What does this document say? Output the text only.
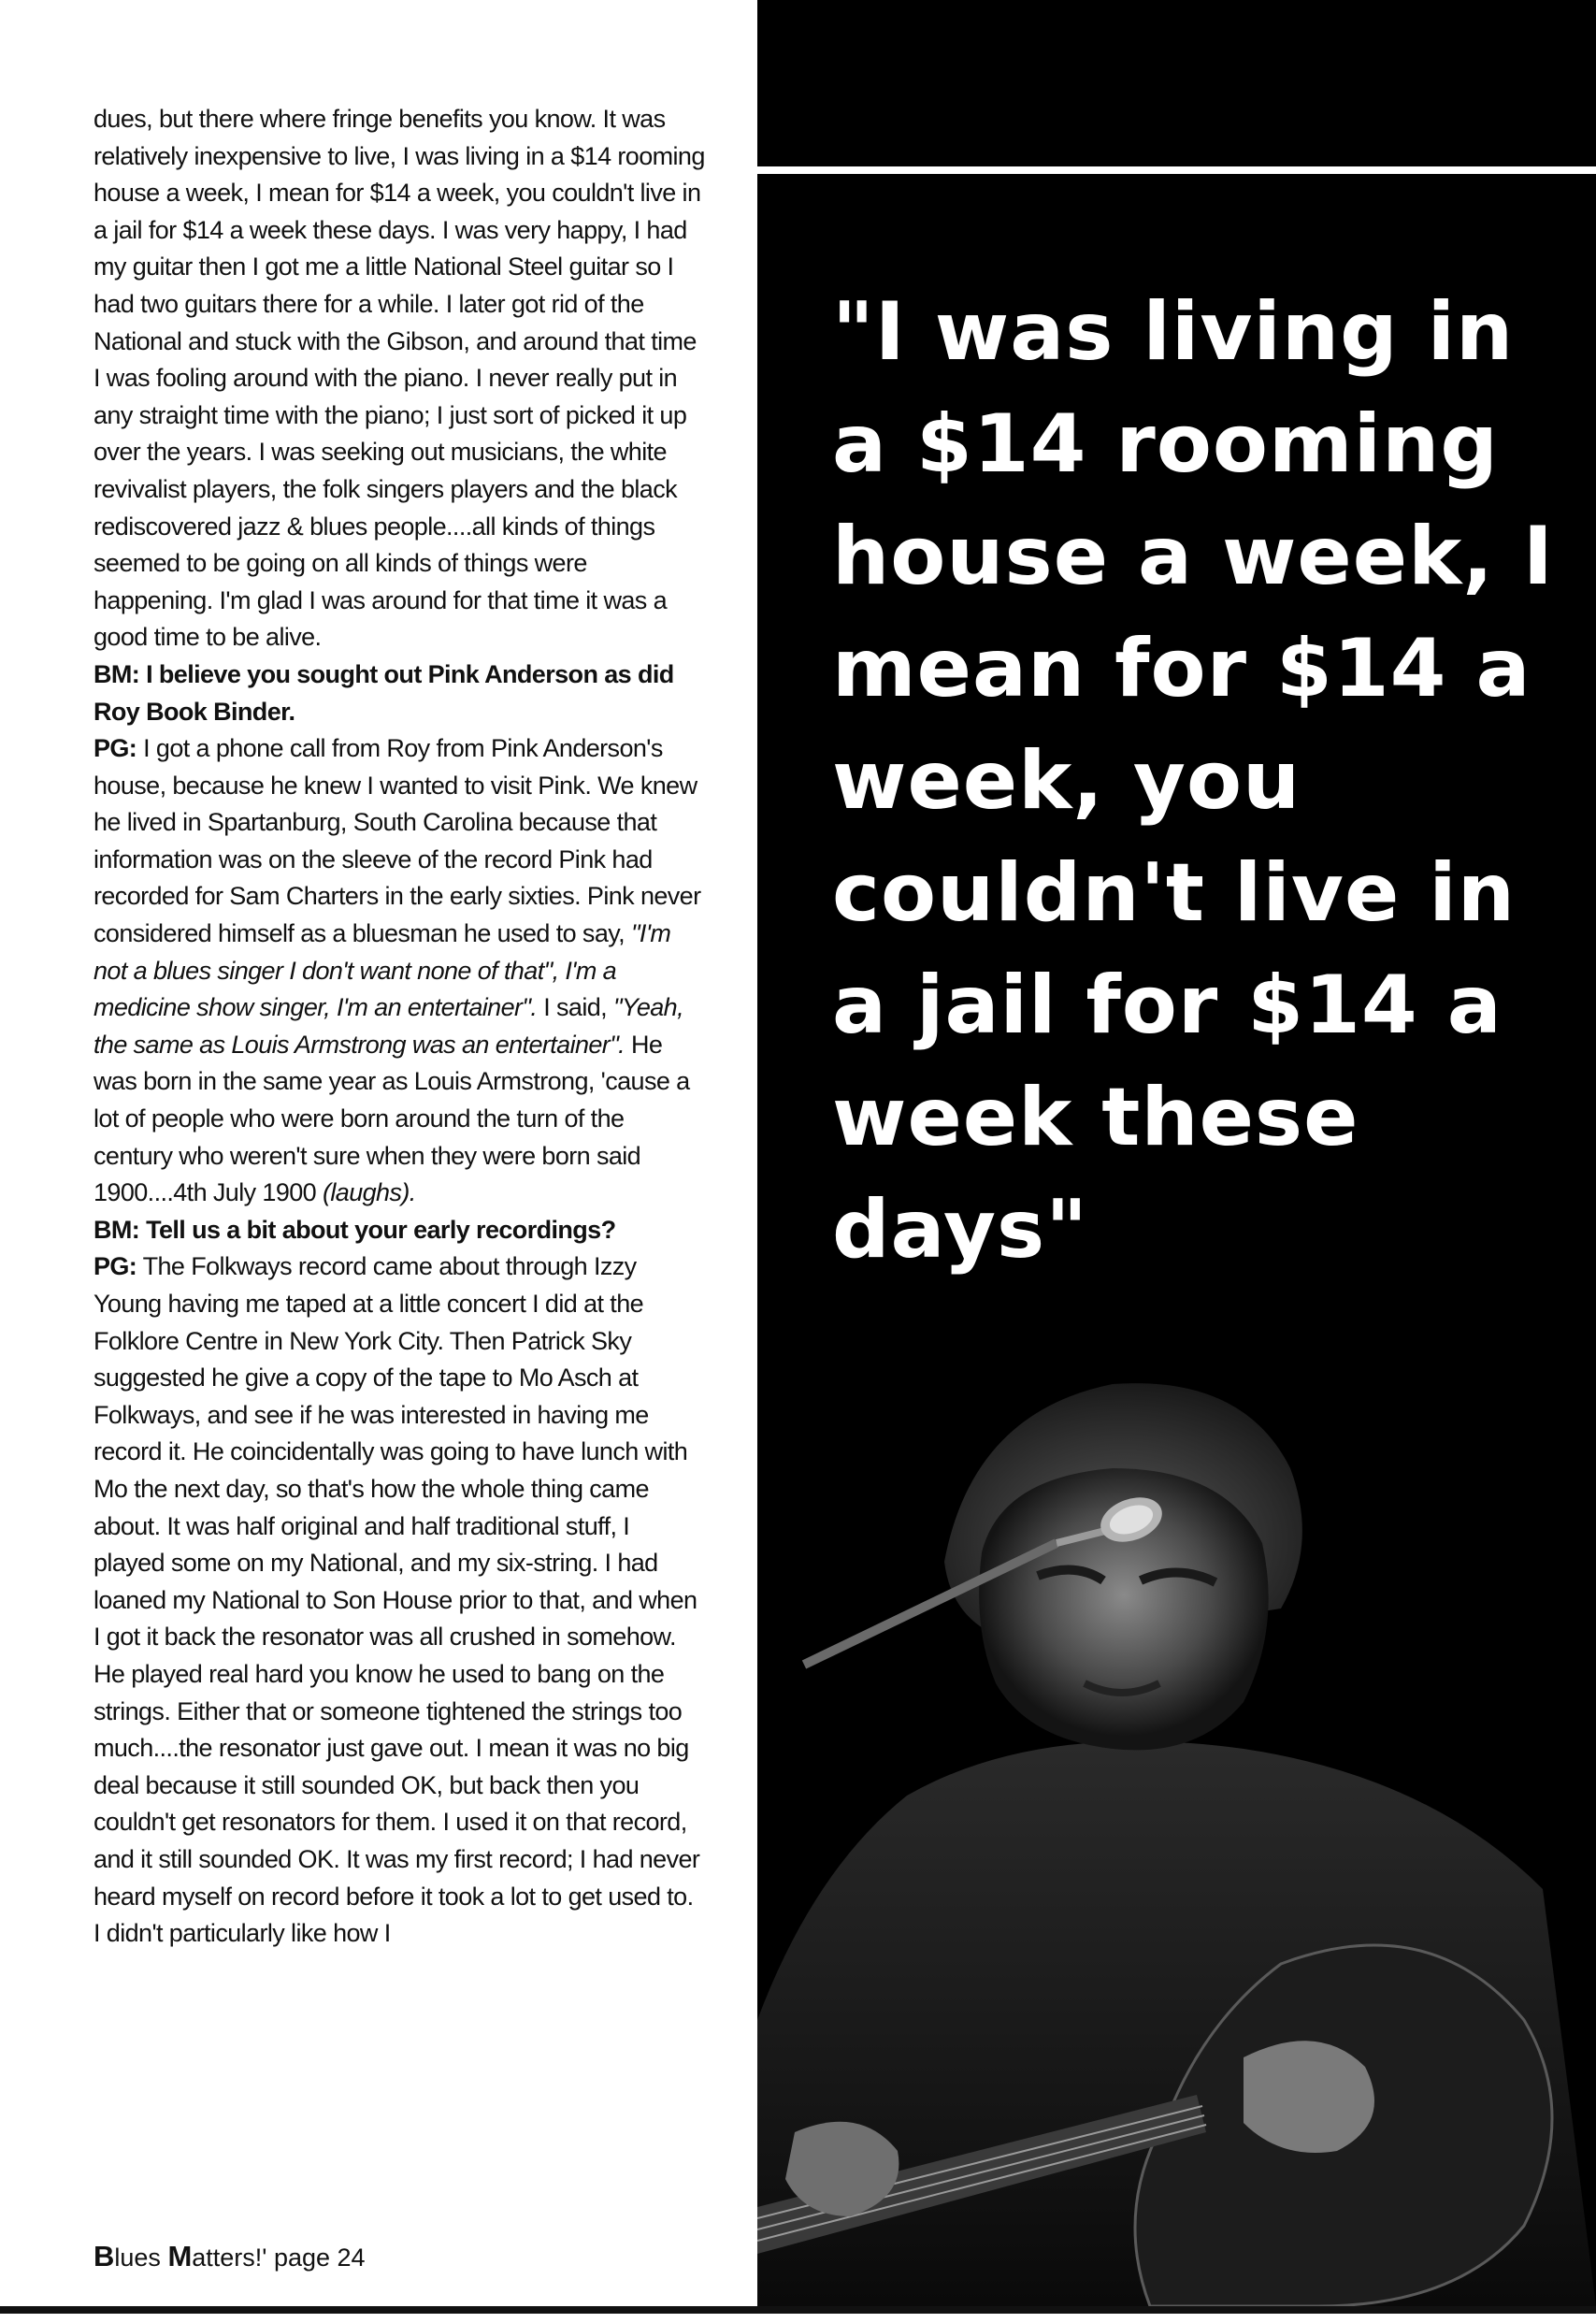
dues, but there where fringe benefits you know. It was relatively inexpensive to live, I was living in a $14 rooming house a week, I mean for $14 a week, you couldn't live in a jail for $14 a week these days. I was very happy, I had my guitar then I got me a little National Steel guitar so I had two guitars there for a while. I later got rid of the National and stuck with the Gibson, and around that time I was fooling around with the piano. I never really put in any straight time with the piano; I just sort of picked it up over the years. I was seeking out musicians, the white revivalist players, the folk singers players and the black rediscovered jazz & blues people....all kinds of things seemed to be going on all kinds of things were happening. I'm glad I was around for that time it was a good time to be alive.

BM: I believe you sought out Pink Anderson as did Roy Book Binder.

PG: I got a phone call from Roy from Pink Anderson's house, because he knew I wanted to visit Pink. We knew he lived in Spartanburg, South Carolina because that information was on the sleeve of the record Pink had recorded for Sam Charters in the early sixties. Pink never considered himself as a bluesman he used to say, "I'm not a blues singer I don't want none of that", I'm a medicine show singer, I'm an entertainer". I said, "Yeah, the same as Louis Armstrong was an entertainer". He was born in the same year as Louis Armstrong, 'cause a lot of people who were born around the turn of the century who weren't sure when they were born said 1900....4th July 1900 (laughs).

BM: Tell us a bit about your early recordings?

PG: The Folkways record came about through Izzy Young having me taped at a little concert I did at the Folklore Centre in New York City. Then Patrick Sky suggested he give a copy of the tape to Mo Asch at Folkways, and see if he was interested in having me record it. He coincidentally was going to have lunch with Mo the next day, so that's how the whole thing came about. It was half original and half traditional stuff, I played some on my National, and my six-string. I had loaned my National to Son House prior to that, and when I got it back the resonator was all crushed in somehow. He played real hard you know he used to bang on the strings. Either that or someone tightened the strings too much....the resonator just gave out. I mean it was no big deal because it still sounded OK, but back then you couldn't get resonators for them. I used it on that record, and it still sounded OK. It was my first record; I had never heard myself on record before it took a lot to get used to. I didn't particularly like how I

Blues Matters!' page 24
"I was living in a $14 rooming house a week, I mean for $14 a week, you couldn't live in a jail for $14 a week these days"
